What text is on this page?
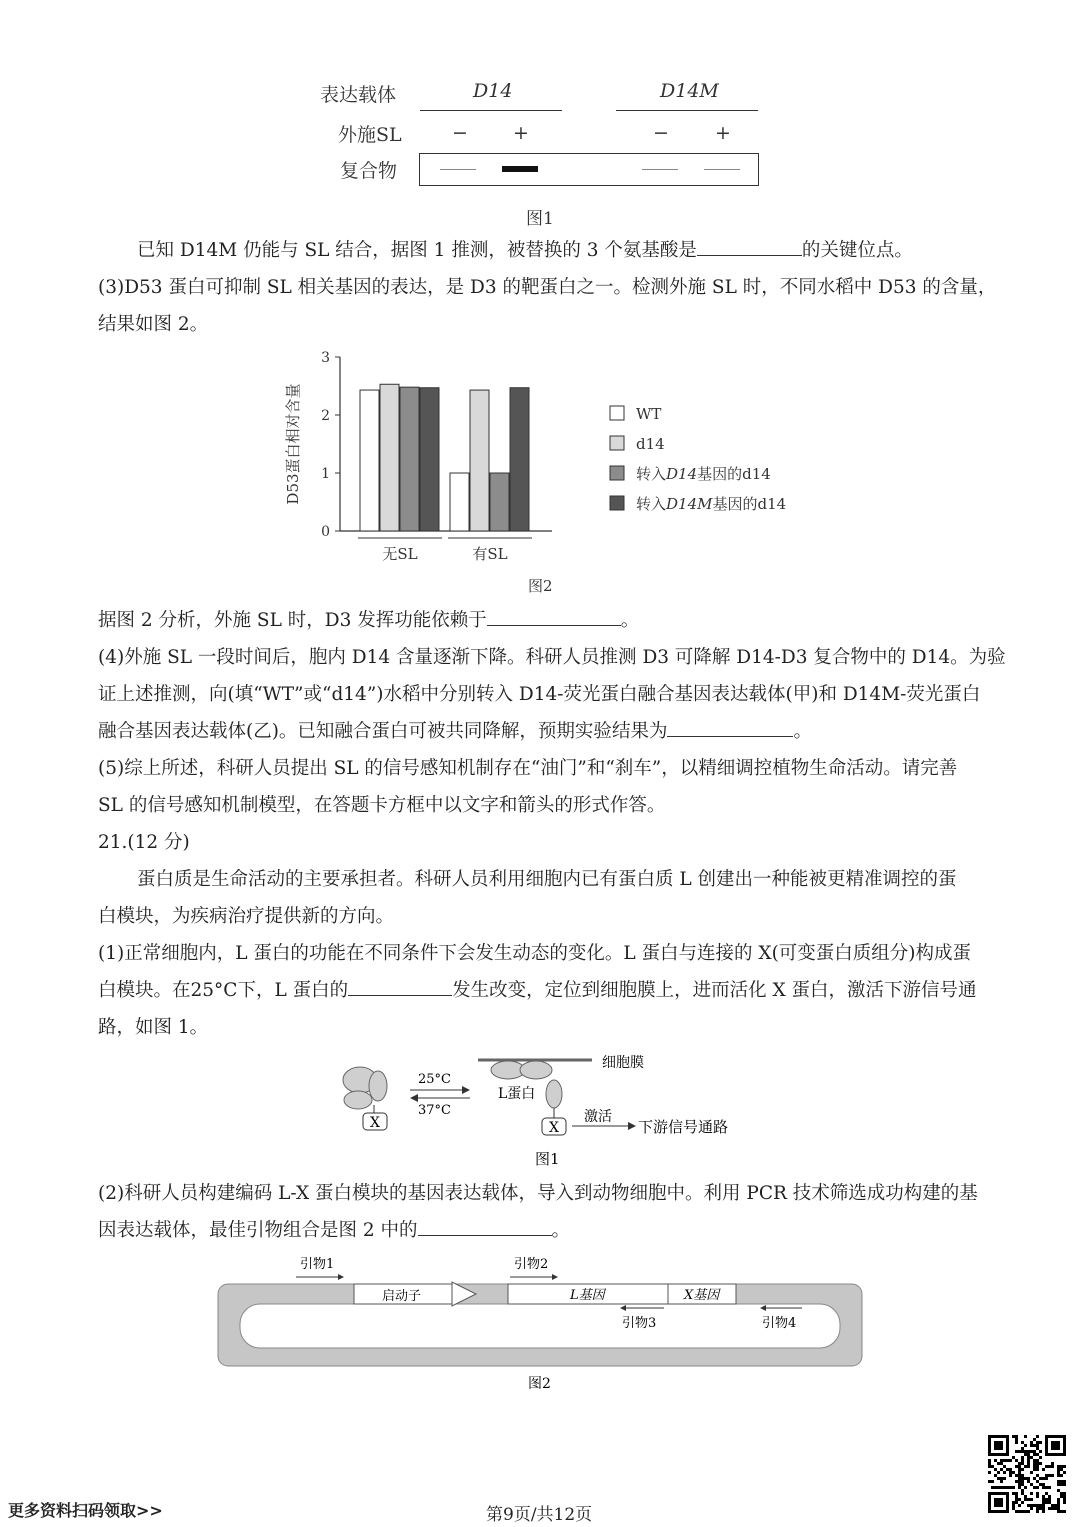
表达载体	D14	D14M
外施SL	− +	− +
复合物
图1
已知 D14M 仍能与 SL 结合，据图 1 推测，被替换的 3 个氨基酸是	的关键位点。
(3)D53 蛋白可抑制 SL 相关基因的表达，是 D3 的靶蛋白之一。检测外施 SL 时，不同水稻中 D53 的含量，
结果如图 2。
0
1
2
3
D53蛋白相对含量
无SL	有SL
WT
d14
转入D14基因的d14
转入D14M基因的d14
图2
据图 2 分析，外施 SL 时，D3 发挥功能依赖于	。
(4)外施 SL 一段时间后，胞内 D14 含量逐渐下降。科研人员推测 D3 可降解 D14-D3 复合物中的 D14。为验
证上述推测，向(填“WT”或“d14”)水稻中分别转入 D14-荧光蛋白融合基因表达载体(甲)和 D14M-荧光蛋白
融合基因表达载体(乙)。已知融合蛋白可被共同降解，预期实验结果为	。
(5)综上所述，科研人员提出 SL 的信号感知机制存在“油门”和“刹车”，以精细调控植物生命活动。请完善
SL 的信号感知机制模型，在答题卡方框中以文字和箭头的形式作答。
21.(12 分)
蛋白质是生命活动的主要承担者。科研人员利用细胞内已有蛋白质 L 创建出一种能被更精准调控的蛋
白模块，为疾病治疗提供新的方向。
(1)正常细胞内，L 蛋白的功能在不同条件下会发生动态的变化。L 蛋白与连接的 X(可变蛋白质组分)构成蛋
白模块。在25°C下，L 蛋白的	发生改变，定位到细胞膜上，进而活化 X 蛋白，激活下游信号通
路，如图 1。
X
25°C
37°C
细胞膜
L蛋白
X
激活
下游信号通路
图1
(2)科研人员构建编码 L-X 蛋白模块的基因表达载体，导入到动物细胞中。利用 PCR 技术筛选成功构建的基
因表达载体，最佳引物组合是图 2 中的	。
启动子	L基因	X基因
引物1	引物2
引物3	引物4
图2
更多资料扫码领取>>	第9页/共12页
